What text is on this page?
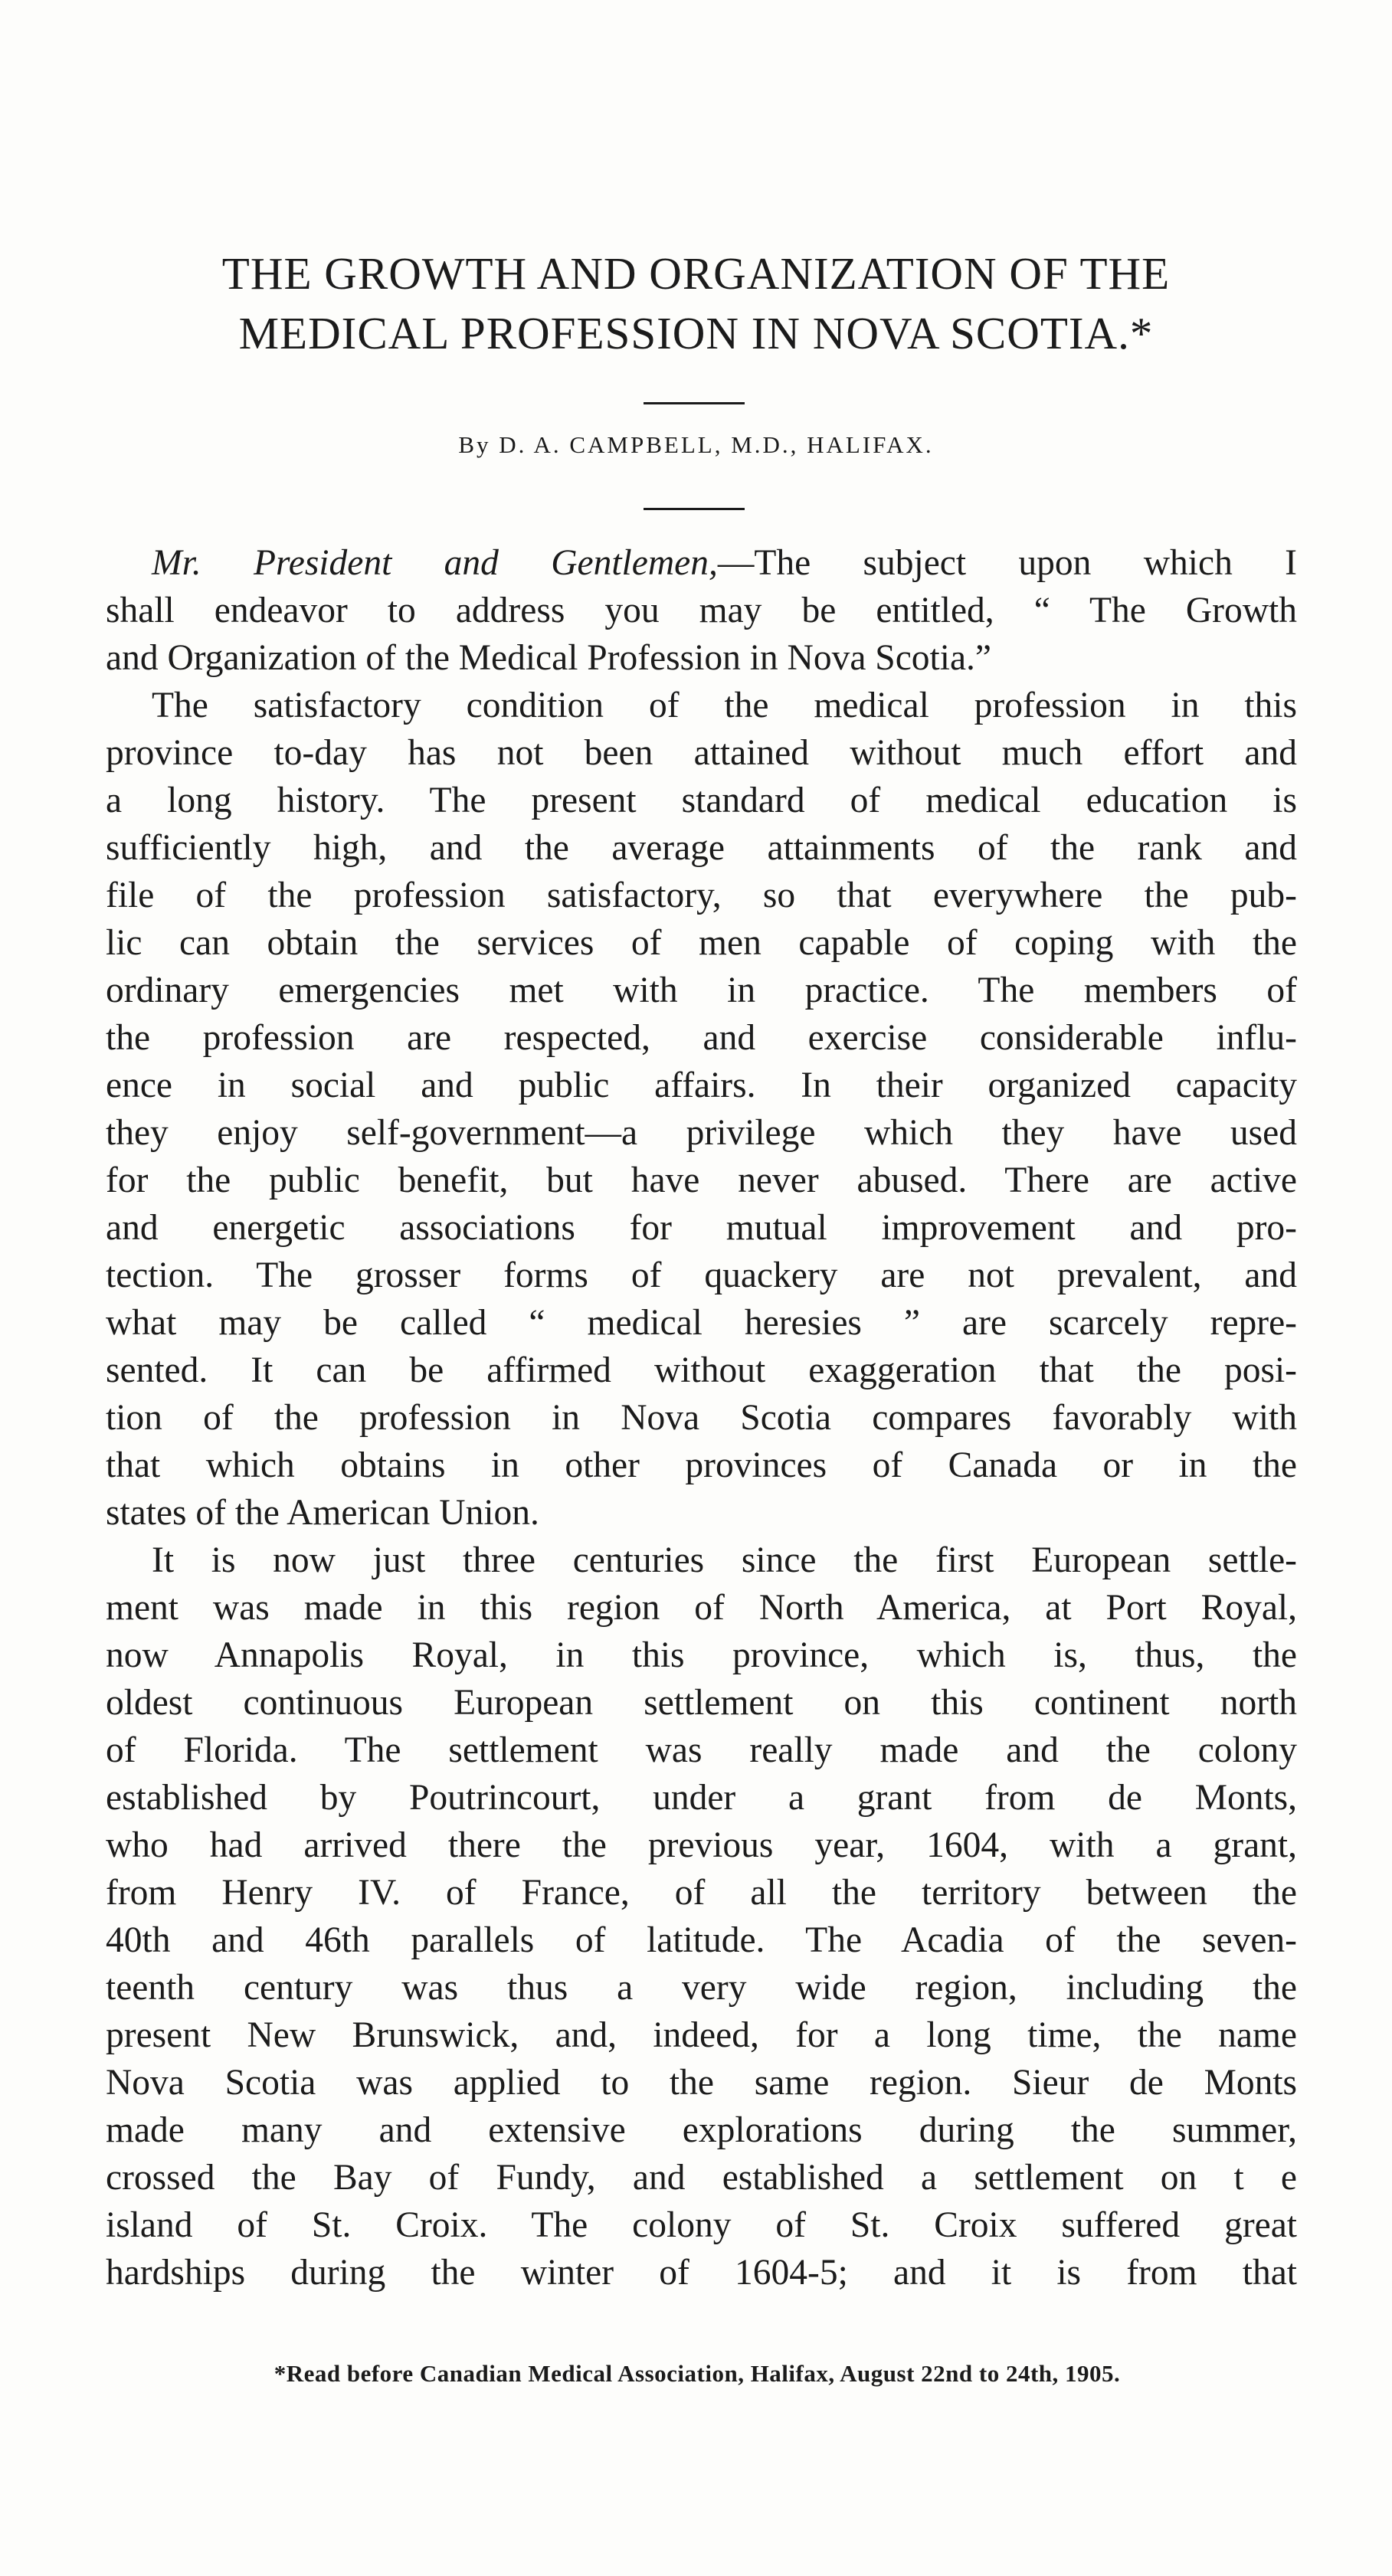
THE GROWTH AND ORGANIZATION OF THE
MEDICAL PROFESSION IN NOVA SCOTIA.*

By D. A. CAMPBELL, M.D., HALIFAX.

Mr. President and Gentlemen,—The subject upon which I
shall endeavor to address you may be entitled, “ The Growth
and Organization of the Medical Profession in Nova Scotia.”
The satisfactory condition of the medical profession in this
province to-day has not been attained without much effort and
a long history. The present standard of medical education is
sufficiently high, and the average attainments of the rank and
file of the profession satisfactory, so that everywhere the pub-
lic can obtain the services of men capable of coping with the
ordinary emergencies met with in practice. The members of
the profession are respected, and exercise considerable influ-
ence in social and public affairs. In their organized capacity
they enjoy self-government—a privilege which they have used
for the public benefit, but have never abused. There are active
and energetic associations for mutual improvement and pro-
tection. The grosser forms of quackery are not prevalent, and
what may be called “ medical heresies ” are scarcely repre-
sented. It can be affirmed without exaggeration that the posi-
tion of the profession in Nova Scotia compares favorably with
that which obtains in other provinces of Canada or in the
states of the American Union.
It is now just three centuries since the first European settle-
ment was made in this region of North America, at Port Royal,
now Annapolis Royal, in this province, which is, thus, the
oldest continuous European settlement on this continent north
of Florida. The settlement was really made and the colony
established by Poutrincourt, under a grant from de Monts,
who had arrived there the previous year, 1604, with a grant,
from Henry IV. of France, of all the territory between the
40th and 46th parallels of latitude. The Acadia of the seven-
teenth century was thus a very wide region, including the
present New Brunswick, and, indeed, for a long time, the name
Nova Scotia was applied to the same region. Sieur de Monts
made many and extensive explorations during the summer,
crossed the Bay of Fundy, and established a settlement on t e
island of St. Croix. The colony of St. Croix suffered great
hardships during the winter of 1604-5; and it is from that

*Read before Canadian Medical Association, Halifax, August 22nd to 24th, 1905.
